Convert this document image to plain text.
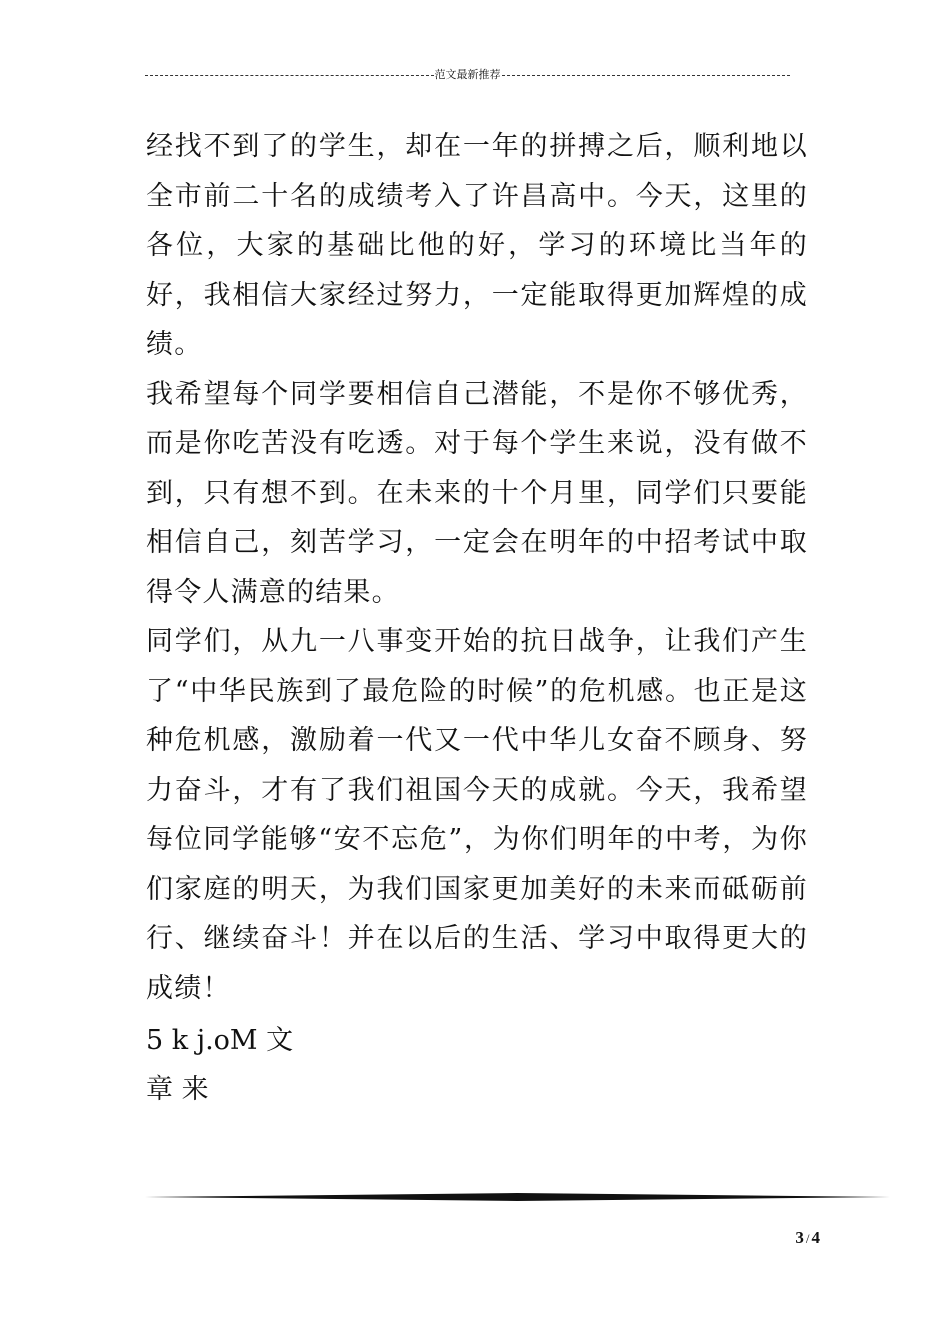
范文最新推荐

经找不到了的学生，却在一年的拼搏之后，顺利地以全市前二十名的成绩考入了许昌高中。今天，这里的各位，大家的基础比他的好，学习的环境比当年的好，我相信大家经过努力，一定能取得更加辉煌的成绩。

我希望每个同学要相信自己潜能，不是你不够优秀，而是你吃苦没有吃透。对于每个学生来说，没有做不到，只有想不到。在未来的十个月里，同学们只要能相信自己，刻苦学习，一定会在明年的中招考试中取得令人满意的结果。

同学们，从九一八事变开始的抗日战争，让我们产生了“中华民族到了最危险的时候”的危机感。也正是这种危机感，激励着一代又一代中华儿女奋不顾身、努力奋斗，才有了我们祖国今天的成就。今天，我希望每位同学能够“安不忘危”，为你们明年的中考，为你们家庭的明天，为我们国家更加美好的未来而砥砺前行、继续奋斗！并在以后的生活、学习中取得更大的成绩！

5 k j.oM 文

章 来

3 / 4
